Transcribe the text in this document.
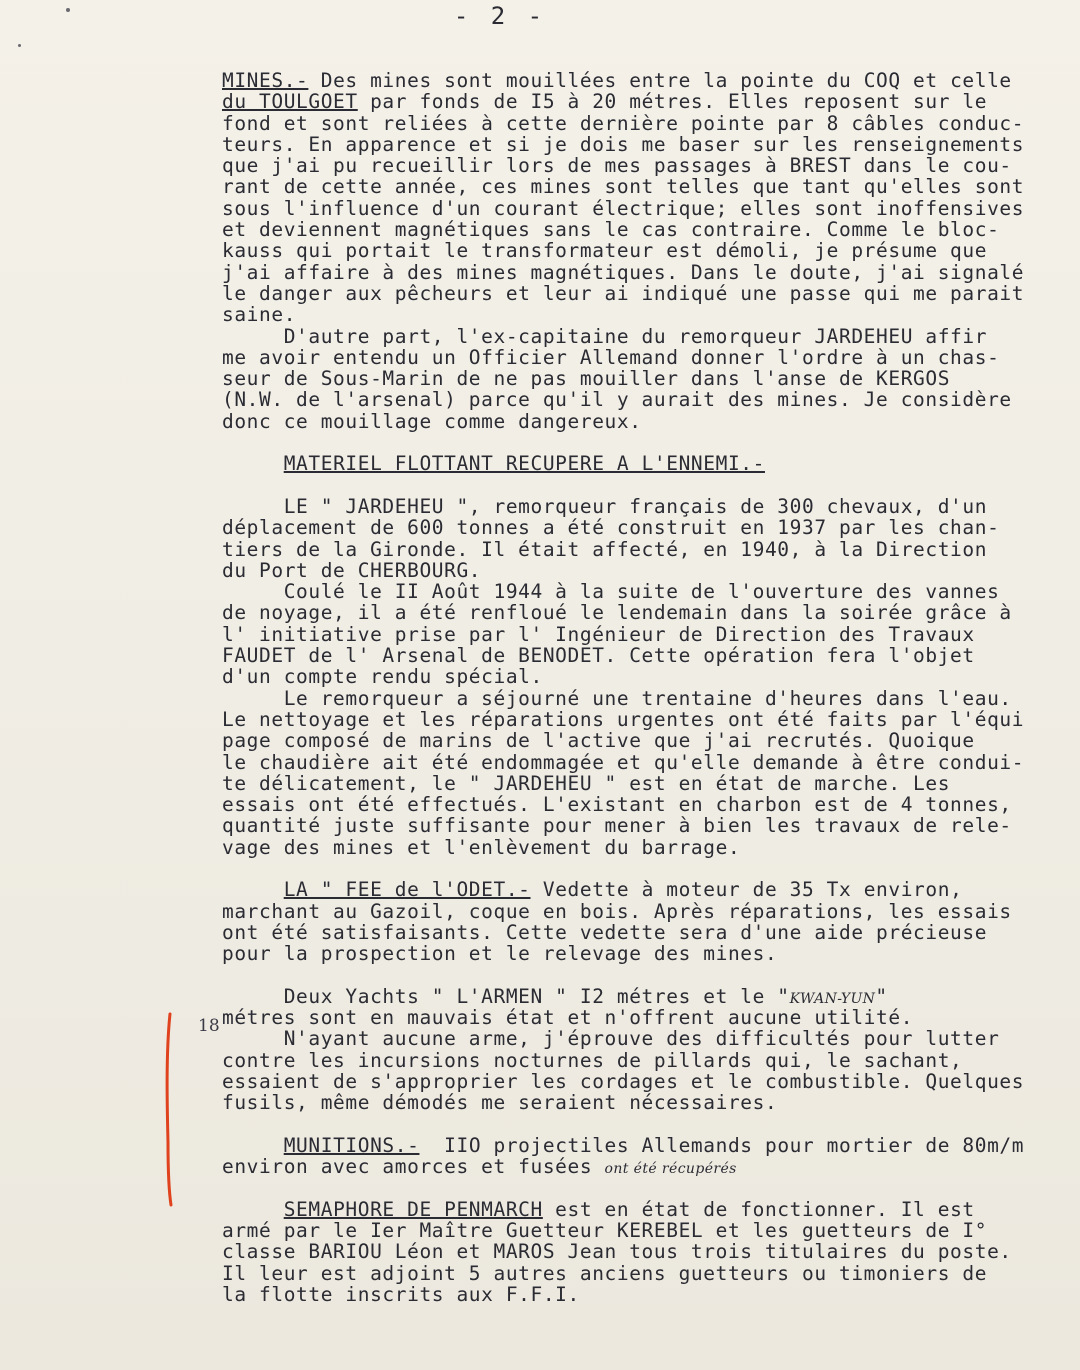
- 2 -
18
MINES.- Des mines sont mouillées entre la pointe du COQ et celle
du TOULGOET par fonds de I5 à 20 métres. Elles reposent sur le
fond et sont reliées à cette dernière pointe par 8 câbles conduc-
teurs. En apparence et si je dois me baser sur les renseignements
que j'ai pu recueillir lors de mes passages à BREST dans le cou-
rant de cette année, ces mines sont telles que tant qu'elles sont
sous l'influence d'un courant électrique; elles sont inoffensives
et deviennent magnétiques sans le cas contraire. Comme le bloc-
kauss qui portait le transformateur est démoli, je présume que
j'ai affaire à des mines magnétiques. Dans le doute, j'ai signalé
le danger aux pêcheurs et leur ai indiqué une passe qui me parait
saine.
D'autre part, l'ex-capitaine du remorqueur JARDEHEU affir
me avoir entendu un Officier Allemand donner l'ordre à un chas-
seur de Sous-Marin de ne pas mouiller dans l'anse de KERGOS
(N.W. de l'arsenal) parce qu'il y aurait des mines. Je considère
donc ce mouillage comme dangereux.
MATERIEL FLOTTANT RECUPERE A L'ENNEMI.-
LE " JARDEHEU ", remorqueur français de 300 chevaux, d'un
déplacement de 600 tonnes a été construit en 1937 par les chan-
tiers de la Gironde. Il était affecté, en 1940, à la Direction
du Port de CHERBOURG.
Coulé le II Août 1944 à la suite de l'ouverture des vannes
de noyage, il a été renfloué le lendemain dans la soirée grâce à
l' initiative prise par l' Ingénieur de Direction des Travaux
FAUDET de l' Arsenal de BENODET. Cette opération fera l'objet
d'un compte rendu spécial.
Le remorqueur a séjourné une trentaine d'heures dans l'eau.
Le nettoyage et les réparations urgentes ont été faits par l'équi
page composé de marins de l'active que j'ai recrutés. Quoique
le chaudière ait été endommagée et qu'elle demande à être condui-
te délicatement, le " JARDEHEU " est en état de marche. Les
essais ont été effectués. L'existant en charbon est de 4 tonnes,
quantité juste suffisante pour mener à bien les travaux de rele-
vage des mines et l'enlèvement du barrage.
LA " FEE de l'ODET.- Vedette à moteur de 35 Tx environ,
marchant au Gazoil, coque en bois. Après réparations, les essais
ont été satisfaisants. Cette vedette sera d'une aide précieuse
pour la prospection et le relevage des mines.
Deux Yachts " L'ARMEN " I2 métres et le "KWAN-YUN"
métres sont en mauvais état et n'offrent aucune utilité.
N'ayant aucune arme, j'éprouve des difficultés pour lutter
contre les incursions nocturnes de pillards qui, le sachant,
essaient de s'approprier les cordages et le combustible. Quelques
fusils, même démodés me seraient nécessaires.
MUNITIONS.-  IIO projectiles Allemands pour mortier de 80m/m
environ avec amorces et fusées ont été récupérés
SEMAPHORE DE PENMARCH est en état de fonctionner. Il est
armé par le Ier Maître Guetteur KEREBEL et les guetteurs de I°
classe BARIOU Léon et MAROS Jean tous trois titulaires du poste.
Il leur est adjoint 5 autres anciens guetteurs ou timoniers de
la flotte inscrits aux F.F.I.
